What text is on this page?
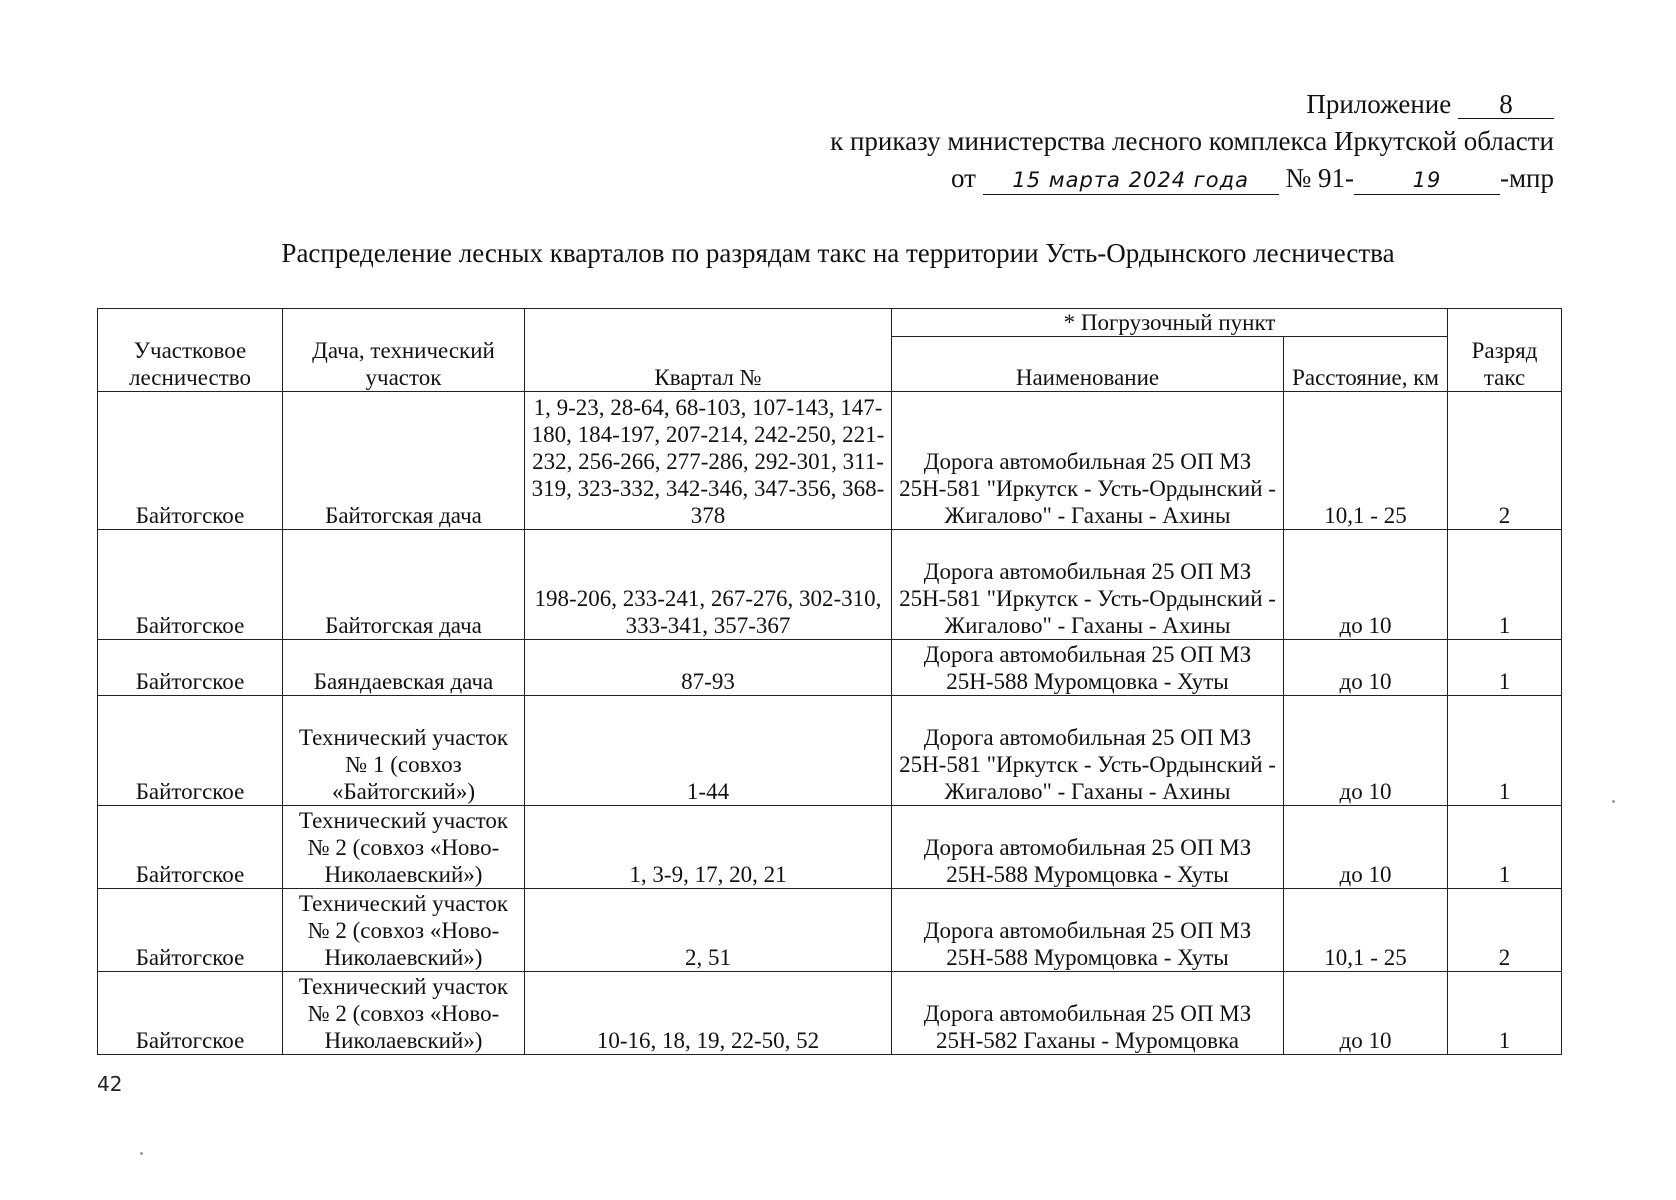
Приложение 8
к приказу министерства лесного комплекса Иркутской области
от 15 марта 2024 года № 91-	19 -мпр
Распределение лесных кварталов по разрядам такс на территории Усть-Ордынского лесничества
Участковое лесничество	Дача, технический участок	Квартал №	* Погрузочный пункт		Разряд такс
			Наименование	Расстояние, км	
Байтогское	Байтогская дача	1, 9-23, 28-64, 68-103, 107-143, 147-180, 184-197, 207-214, 242-250, 221-232, 256-266, 277-286, 292-301, 311-319, 323-332, 342-346, 347-356, 368-378	Дорога автомобильная 25 ОП МЗ 25Н-581 "Иркутск - Усть-Ордынский - Жигалово" - Гаханы - Ахины	10,1 - 25	2
Байтогское	Байтогская дача	198-206, 233-241, 267-276, 302-310, 333-341, 357-367	Дорога автомобильная 25 ОП МЗ 25Н-581 "Иркутск - Усть-Ордынский - Жигалово" - Гаханы - Ахины	до 10	1
Байтогское	Баяндаевская дача	87-93	Дорога автомобильная 25 ОП МЗ 25Н-588 Муромцовка - Хуты	до 10	1
Байтогское	Технический участок № 1 (совхоз «Байтогский»)	1-44	Дорога автомобильная 25 ОП МЗ 25Н-581 "Иркутск - Усть-Ордынский - Жигалово" - Гаханы - Ахины	до 10	1
Байтогское	Технический участок № 2 (совхоз «Ново-Николаевский»)	1, 3-9, 17, 20, 21	Дорога автомобильная 25 ОП МЗ 25Н-588 Муромцовка - Хуты	до 10	1
Байтогское	Технический участок № 2 (совхоз «Ново-Николаевский»)	2, 51	Дорога автомобильная 25 ОП МЗ 25Н-588 Муромцовка - Хуты	10,1 - 25	2
Байтогское	Технический участок № 2 (совхоз «Ново-Николаевский»)	10-16, 18, 19, 22-50, 52	Дорога автомобильная 25 ОП МЗ 25Н-582 Гаханы - Муромцовка	до 10	1
42
